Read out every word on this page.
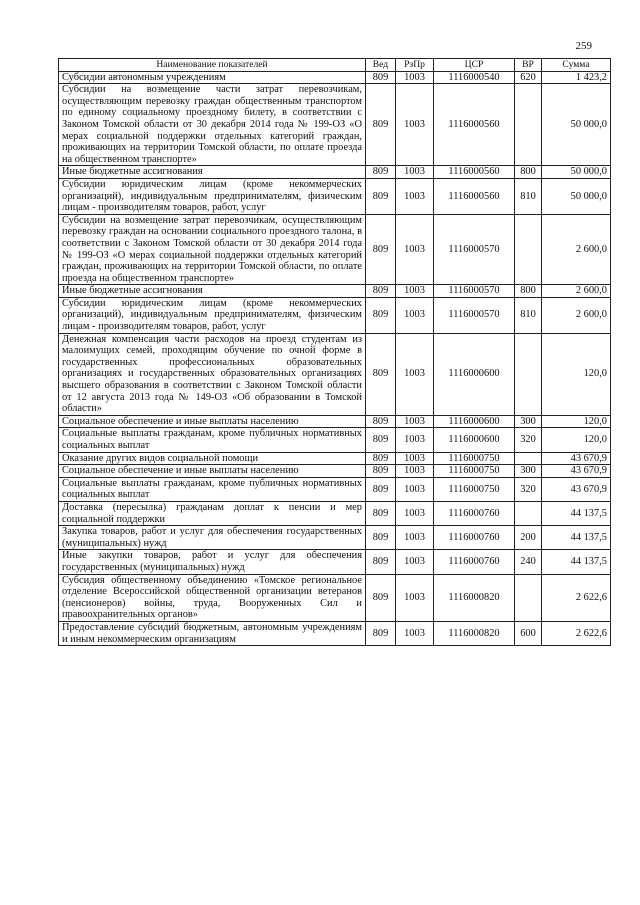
259
Наименование показателей	Вед	РзПр	ЦСР	ВР	Сумма
Субсидии автономным учреждениям	809	1003	1116000540	620	1 423,2
Субсидии на возмещение части затрат перевозчикам, осуществляющим перевозку граждан общественным транспортом по единому социальному проездному билету, в соответствии с Законом Томской области от 30 декабря 2014 года № 199-ОЗ «О мерах социальной поддержки отдельных категорий граждан, проживающих на территории Томской области, по оплате проезда на общественном транспорте»	809	1003	1116000560		50 000,0
Иные бюджетные ассигнования	809	1003	1116000560	800	50 000,0
Субсидии юридическим лицам (кроме некоммерческих организаций), индивидуальным предпринимателям, физическим лицам - производителям товаров, работ, услуг	809	1003	1116000560	810	50 000,0
Субсидии на возмещение затрат перевозчикам, осуществляющим перевозку граждан на основании социального проездного талона, в соответствии с Законом Томской области от 30 декабря 2014 года № 199-ОЗ «О мерах социальной поддержки отдельных категорий граждан, проживающих на территории Томской области, по оплате проезда на общественном транспорте»	809	1003	1116000570		2 600,0
Иные бюджетные ассигнования	809	1003	1116000570	800	2 600,0
Субсидии юридическим лицам (кроме некоммерческих организаций), индивидуальным предпринимателям, физическим лицам - производителям товаров, работ, услуг	809	1003	1116000570	810	2 600,0
Денежная компенсация части расходов на проезд студентам из малоимущих семей, проходящим обучение по очной форме в государственных профессиональных образовательных организациях и государственных образовательных организациях высшего образования в соответствии с Законом Томской области от 12 августа 2013 года № 149-ОЗ «Об образовании в Томской области»	809	1003	1116000600		120,0
Социальное обеспечение и иные выплаты населению	809	1003	1116000600	300	120,0
Социальные выплаты гражданам, кроме публичных нормативных социальных выплат	809	1003	1116000600	320	120,0
Оказание других видов социальной помощи	809	1003	1116000750		43 670,9
Социальное обеспечение и иные выплаты населению	809	1003	1116000750	300	43 670,9
Социальные выплаты гражданам, кроме публичных нормативных социальных выплат	809	1003	1116000750	320	43 670,9
Доставка (пересылка) гражданам доплат к пенсии и мер социальной поддержки	809	1003	1116000760		44 137,5
Закупка товаров, работ и услуг для обеспечения государственных (муниципальных) нужд	809	1003	1116000760	200	44 137,5
Иные закупки товаров, работ и услуг для обеспечения государственных (муниципальных) нужд	809	1003	1116000760	240	44 137,5
Субсидия общественному объединению «Томское региональное отделение Всероссийской общественной организации ветеранов (пенсионеров) войны, труда, Вооруженных Сил и правоохранительных органов»	809	1003	1116000820		2 622,6
Предоставление субсидий бюджетным, автономным учреждениям и иным некоммерческим организациям	809	1003	1116000820	600	2 622,6
